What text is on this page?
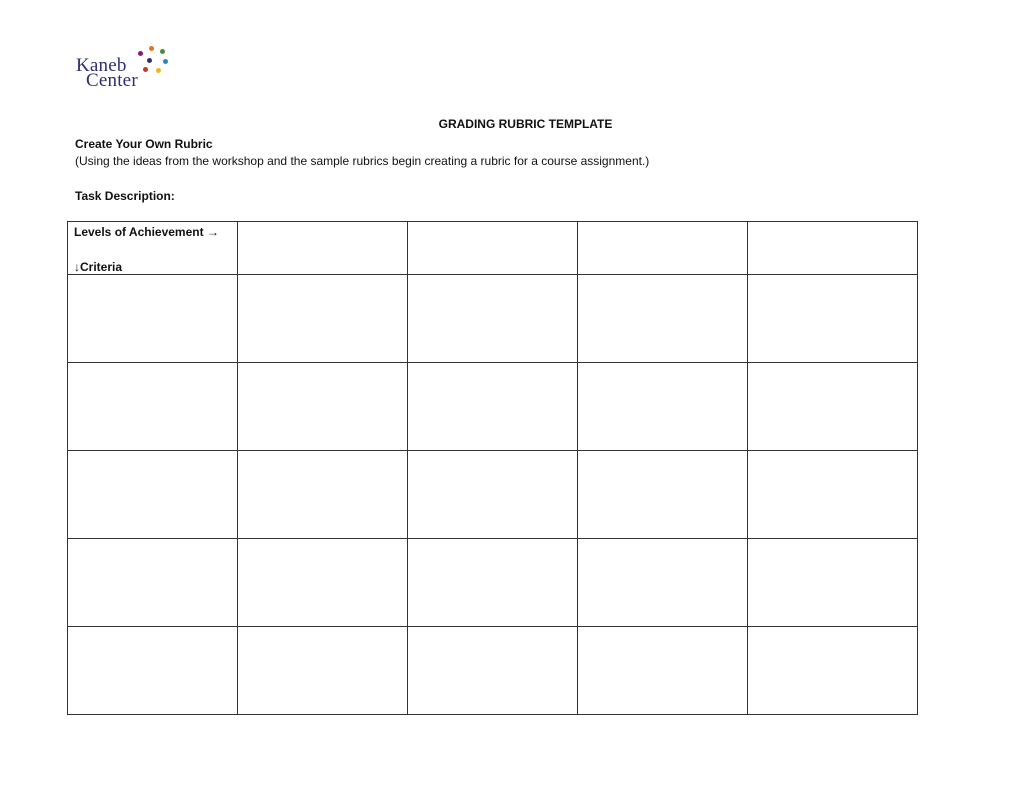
Kaneb
Center
GRADING RUBRIC TEMPLATE
Create Your Own Rubric
(Using the ideas from the workshop and the sample rubrics begin creating a rubric for a course assignment.)
Task Description:
Levels of Achievement →
↓Criteria				
